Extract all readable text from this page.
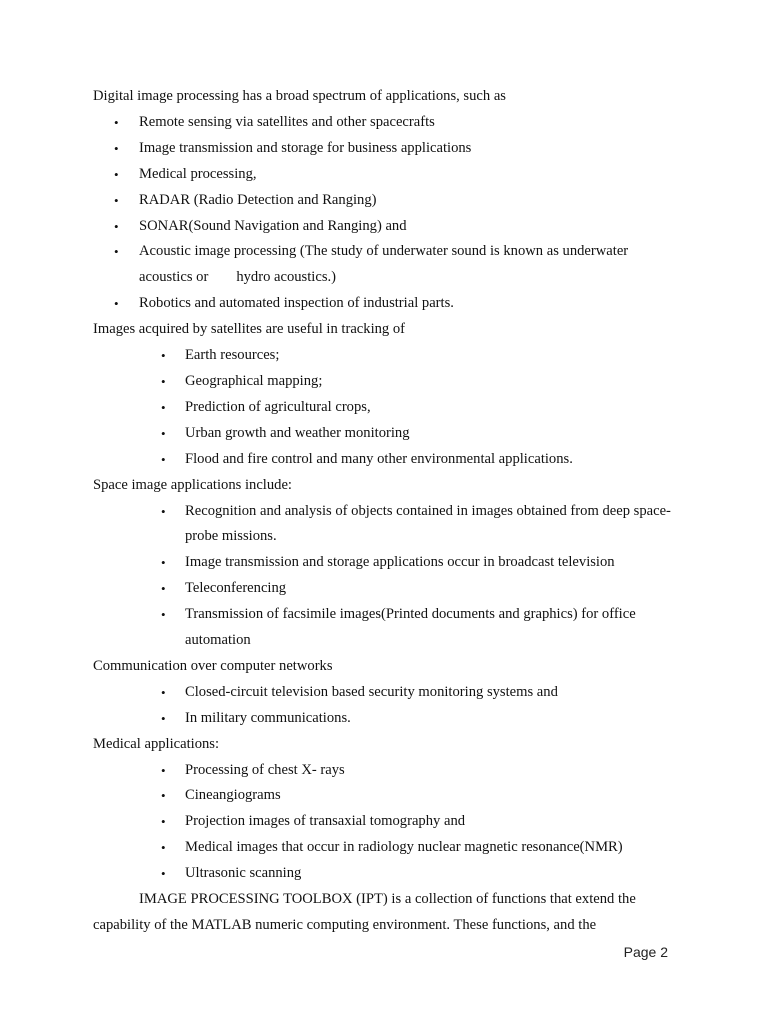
Digital image processing has a broad spectrum of applications, such as

• Remote sensing via satellites and other spacecrafts
• Image transmission and storage for business applications
• Medical processing,
• RADAR (Radio Detection and Ranging)
• SONAR(Sound Navigation and Ranging) and
• Acoustic image processing (The study of underwater sound is known as underwater
acoustics or hydro acoustics.)
• Robotics and automated inspection of industrial parts.

Images acquired by satellites are useful in tracking of

• Earth resources;
• Geographical mapping;
• Prediction of agricultural crops,
• Urban growth and weather monitoring
• Flood and fire control and many other environmental applications.

Space image applications include:

• Recognition and analysis of objects contained in images obtained from deep space-probe missions.
• Image transmission and storage applications occur in broadcast television
• Teleconferencing
• Transmission of facsimile images(Printed documents and graphics) for office automation

Communication over computer networks

• Closed-circuit television based security monitoring systems and
• In military communications.

Medical applications:

• Processing of chest X- rays
• Cineangiograms
• Projection images of transaxial tomography and
• Medical images that occur in radiology nuclear magnetic resonance(NMR)
• Ultrasonic scanning

IMAGE PROCESSING TOOLBOX (IPT) is a collection of functions that extend the capability of the MATLAB numeric computing environment. These functions, and the

Page 2
